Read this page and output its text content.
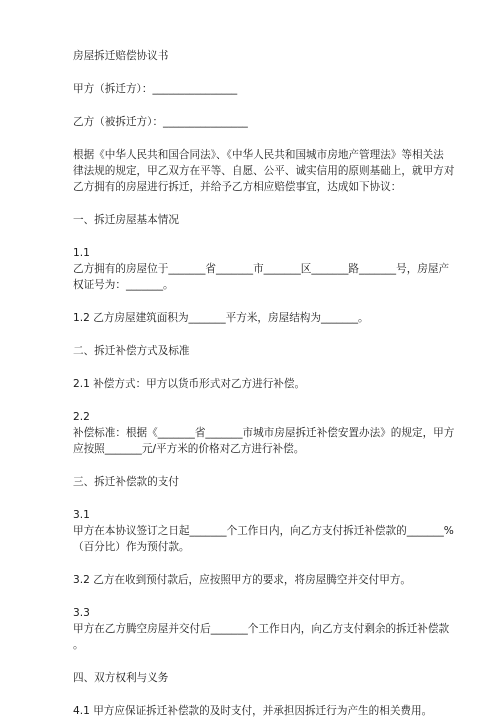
房屋拆迁赔偿协议书
甲方（拆迁方）：________________
乙方（被拆迁方）：________________
根据《中华人民共和国合同法》、《中华人民共和国城市房地产管理法》等相关法
律法规的规定，甲乙双方在平等、自愿、公平、诚实信用的原则基础上，就甲方对
乙方拥有的房屋进行拆迁，并给予乙方相应赔偿事宜，达成如下协议：
一、拆迁房屋基本情况
1.1
乙方拥有的房屋位于_______省_______市_______区_______路_______号，房屋产
权证号为：_______。
1.2 乙方房屋建筑面积为_______平方米，房屋结构为_______。
二、拆迁补偿方式及标准
2.1 补偿方式：甲方以货币形式对乙方进行补偿。
2.2
补偿标准：根据《_______省_______市城市房屋拆迁补偿安置办法》的规定，甲方
应按照_______元/平方米的价格对乙方进行补偿。
三、拆迁补偿款的支付
3.1
甲方在本协议签订之日起_______个工作日内，向乙方支付拆迁补偿款的_______%
（百分比）作为预付款。
3.2 乙方在收到预付款后，应按照甲方的要求，将房屋腾空并交付甲方。
3.3
甲方在乙方腾空房屋并交付后_______个工作日内，向乙方支付剩余的拆迁补偿款
。
四、双方权利与义务
4.1 甲方应保证拆迁补偿款的及时支付，并承担因拆迁行为产生的相关费用。
